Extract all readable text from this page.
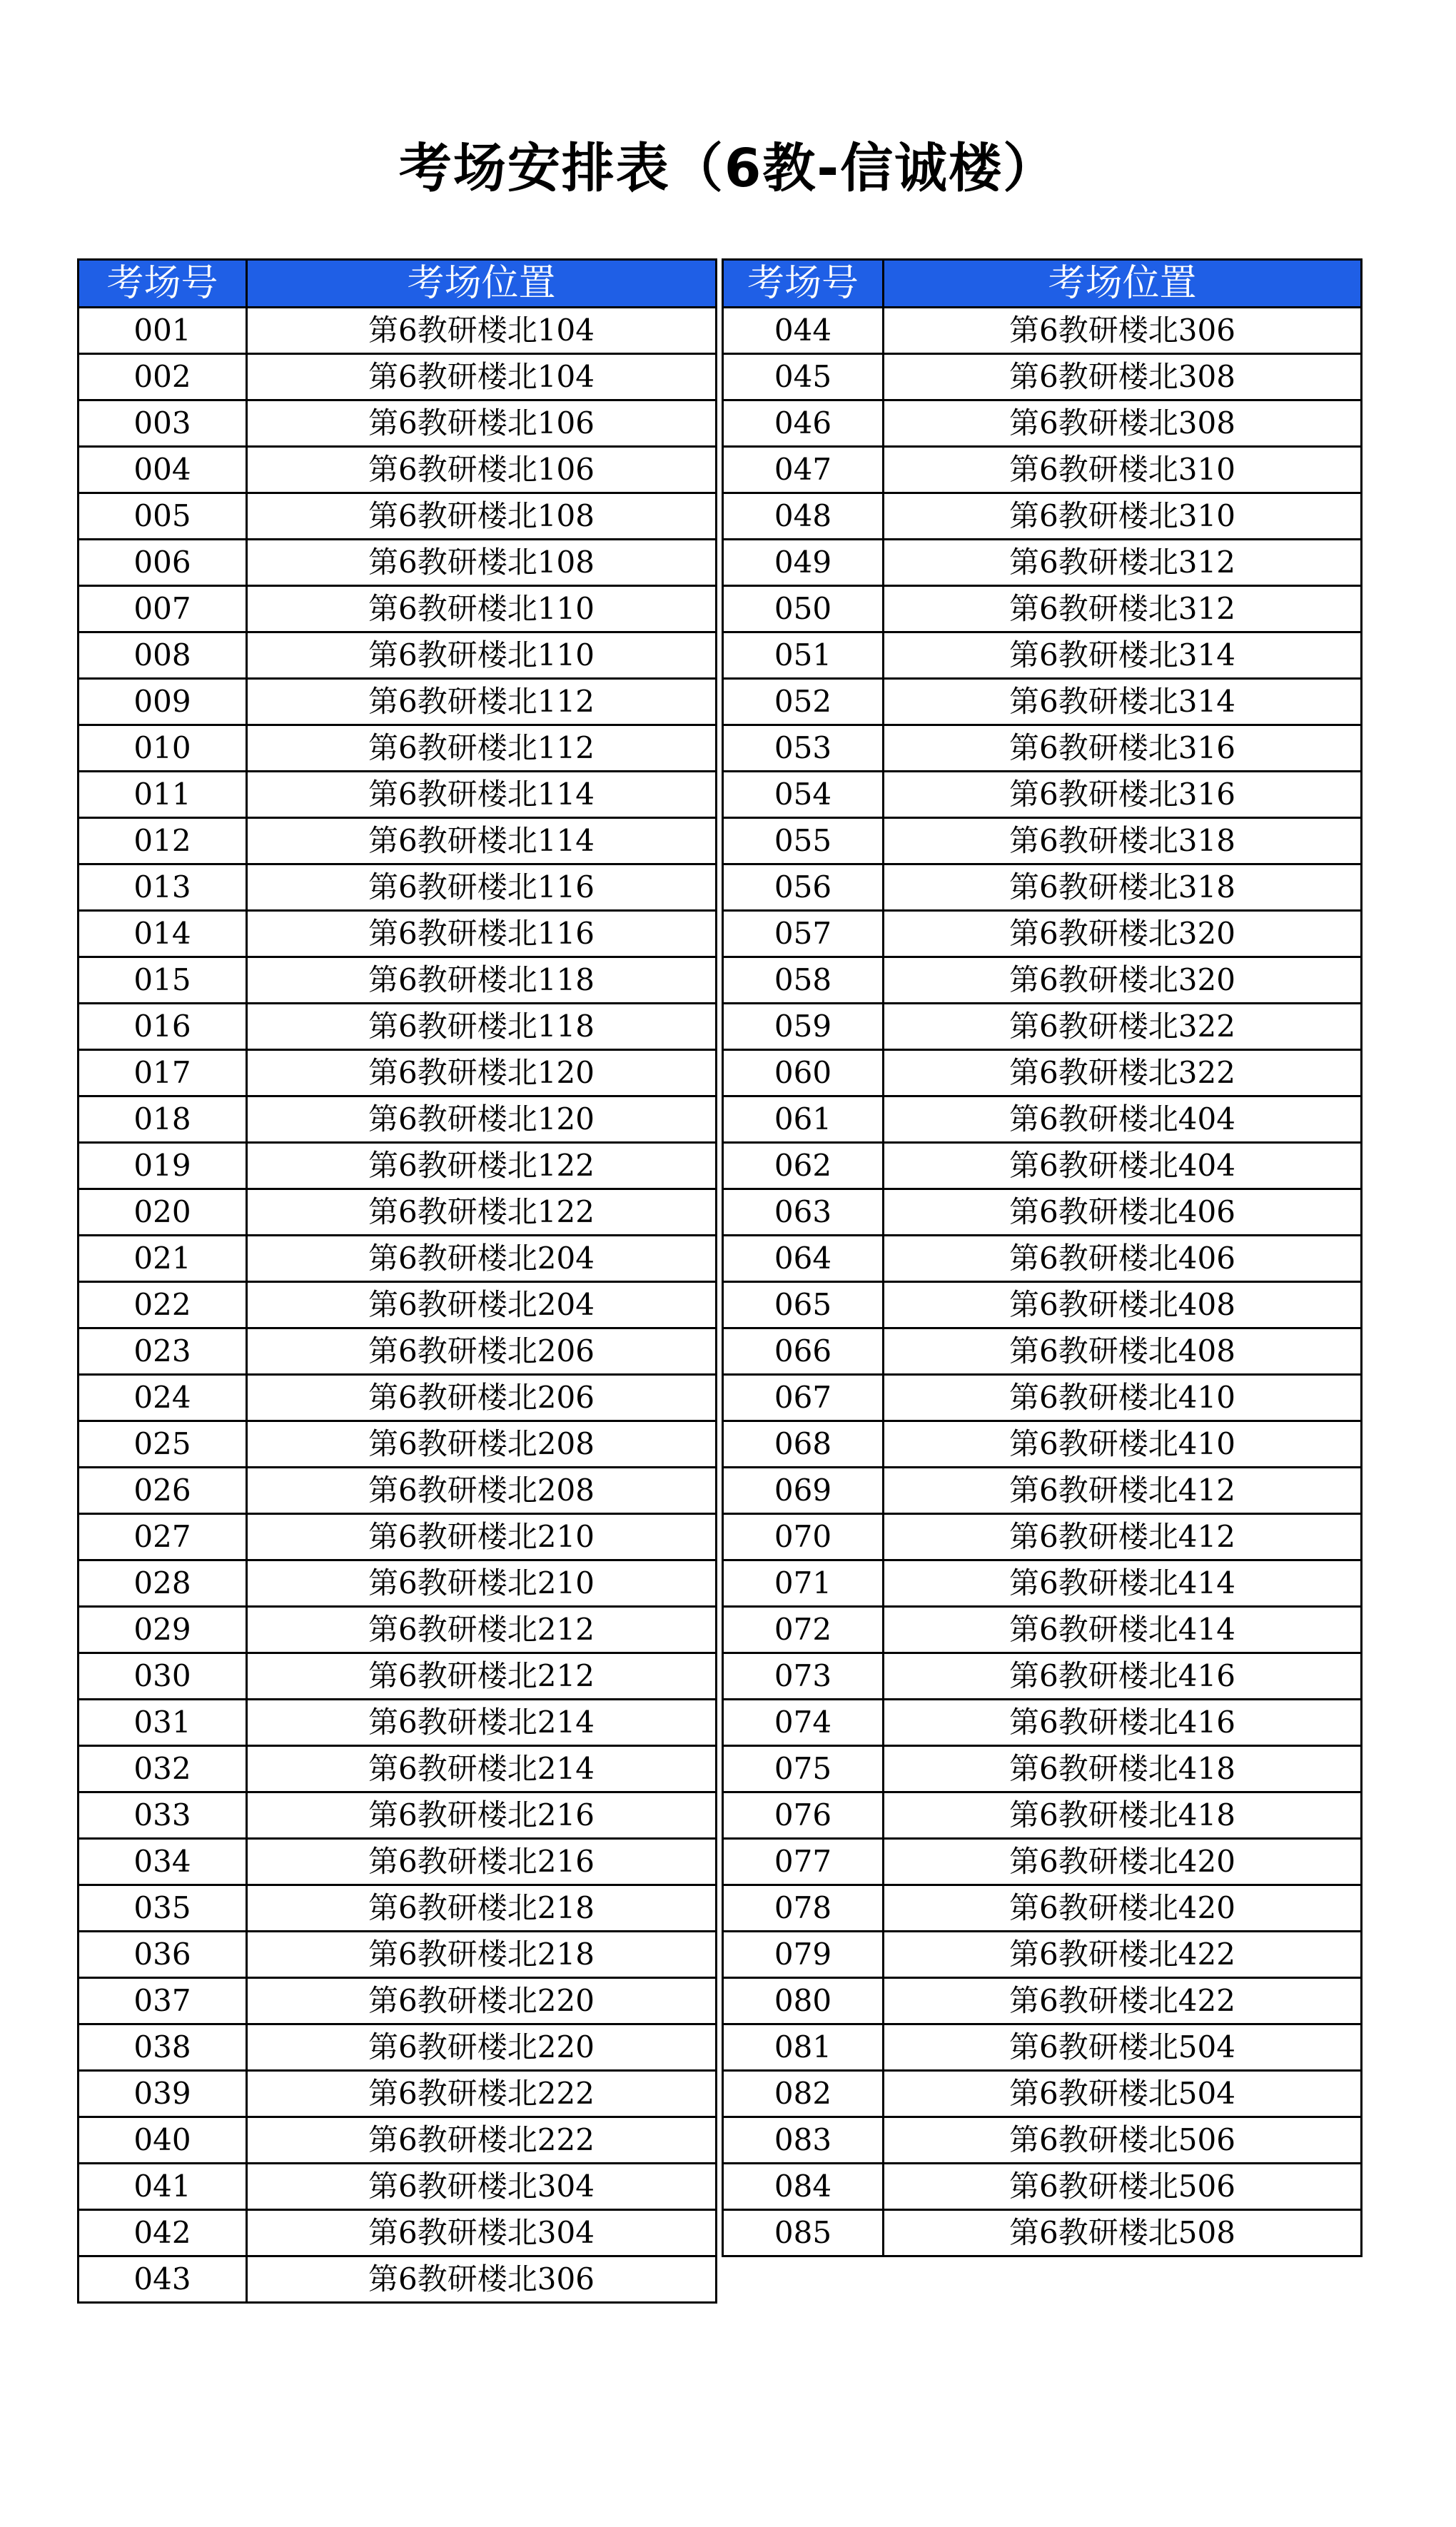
考场安排表（6教-信诚楼）
考场号	考场位置
001	第6教研楼北104
002	第6教研楼北104
003	第6教研楼北106
004	第6教研楼北106
005	第6教研楼北108
006	第6教研楼北108
007	第6教研楼北110
008	第6教研楼北110
009	第6教研楼北112
010	第6教研楼北112
011	第6教研楼北114
012	第6教研楼北114
013	第6教研楼北116
014	第6教研楼北116
015	第6教研楼北118
016	第6教研楼北118
017	第6教研楼北120
018	第6教研楼北120
019	第6教研楼北122
020	第6教研楼北122
021	第6教研楼北204
022	第6教研楼北204
023	第6教研楼北206
024	第6教研楼北206
025	第6教研楼北208
026	第6教研楼北208
027	第6教研楼北210
028	第6教研楼北210
029	第6教研楼北212
030	第6教研楼北212
031	第6教研楼北214
032	第6教研楼北214
033	第6教研楼北216
034	第6教研楼北216
035	第6教研楼北218
036	第6教研楼北218
037	第6教研楼北220
038	第6教研楼北220
039	第6教研楼北222
040	第6教研楼北222
041	第6教研楼北304
042	第6教研楼北304
043	第6教研楼北306
考场号	考场位置
044	第6教研楼北306
045	第6教研楼北308
046	第6教研楼北308
047	第6教研楼北310
048	第6教研楼北310
049	第6教研楼北312
050	第6教研楼北312
051	第6教研楼北314
052	第6教研楼北314
053	第6教研楼北316
054	第6教研楼北316
055	第6教研楼北318
056	第6教研楼北318
057	第6教研楼北320
058	第6教研楼北320
059	第6教研楼北322
060	第6教研楼北322
061	第6教研楼北404
062	第6教研楼北404
063	第6教研楼北406
064	第6教研楼北406
065	第6教研楼北408
066	第6教研楼北408
067	第6教研楼北410
068	第6教研楼北410
069	第6教研楼北412
070	第6教研楼北412
071	第6教研楼北414
072	第6教研楼北414
073	第6教研楼北416
074	第6教研楼北416
075	第6教研楼北418
076	第6教研楼北418
077	第6教研楼北420
078	第6教研楼北420
079	第6教研楼北422
080	第6教研楼北422
081	第6教研楼北504
082	第6教研楼北504
083	第6教研楼北506
084	第6教研楼北506
085	第6教研楼北508
